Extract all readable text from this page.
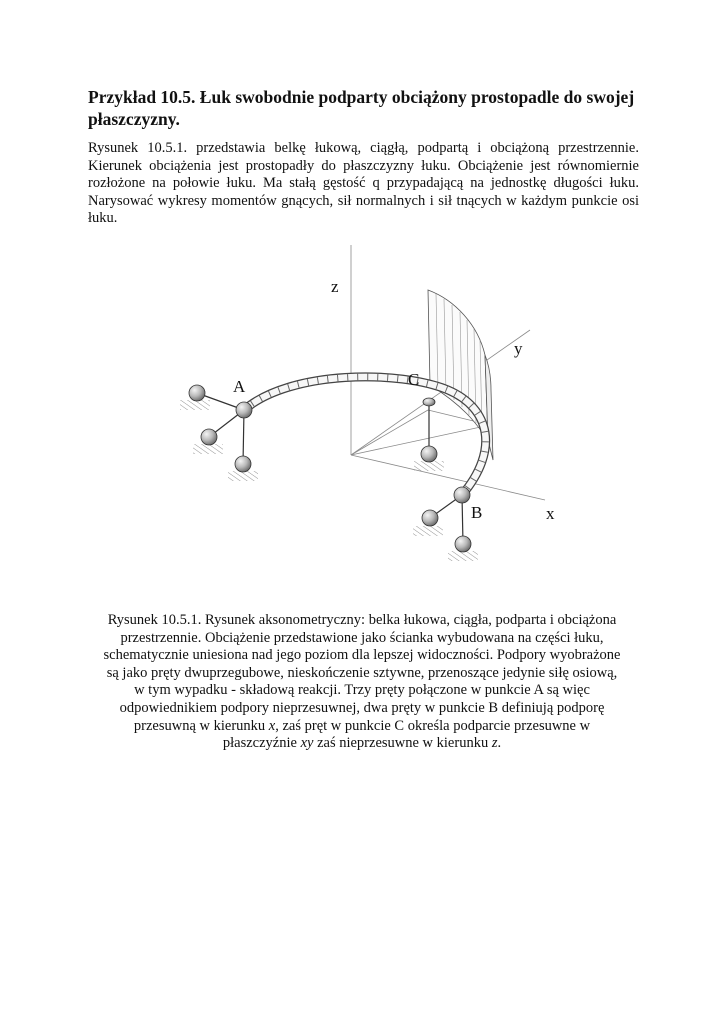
Przykład 10.5. Łuk swobodnie podparty obciążony prostopadle do swojej płaszczyzny.

Rysunek 10.5.1. przedstawia belkę łukową, ciągłą, podpartą i obciążoną przestrzennie. Kierunek obciążenia jest prostopadły do płaszczyzny łuku. Obciążenie jest równomiernie rozłożone na połowie łuku. Ma stałą gęstość q przypadającą na jednostkę długości łuku. Narysować wykresy momentów gnących, sił normalnych i sił tnących w każdym punkcie osi łuku.

z
y
x
A	C
B

Rysunek 10.5.1. Rysunek aksonometryczny: belka łukowa, ciągła, podparta i obciążona przestrzennie. Obciążenie przedstawione jako ścianka wybudowana na części łuku, schematycznie uniesiona nad jego poziom dla lepszej widoczności. Podpory wyobrażone są jako pręty dwuprzegubowe, nieskończenie sztywne, przenoszące jedynie siłę osiową, w tym wypadku - składową reakcji. Trzy pręty połączone w punkcie A są więc odpowiednikiem podpory nieprzesuwnej, dwa pręty w punkcie B definiują podporę przesuwną w kierunku x, zaś pręt w punkcie C określa podparcie przesuwne w płaszczyźnie xy zaś nieprzesuwne w kierunku z.
